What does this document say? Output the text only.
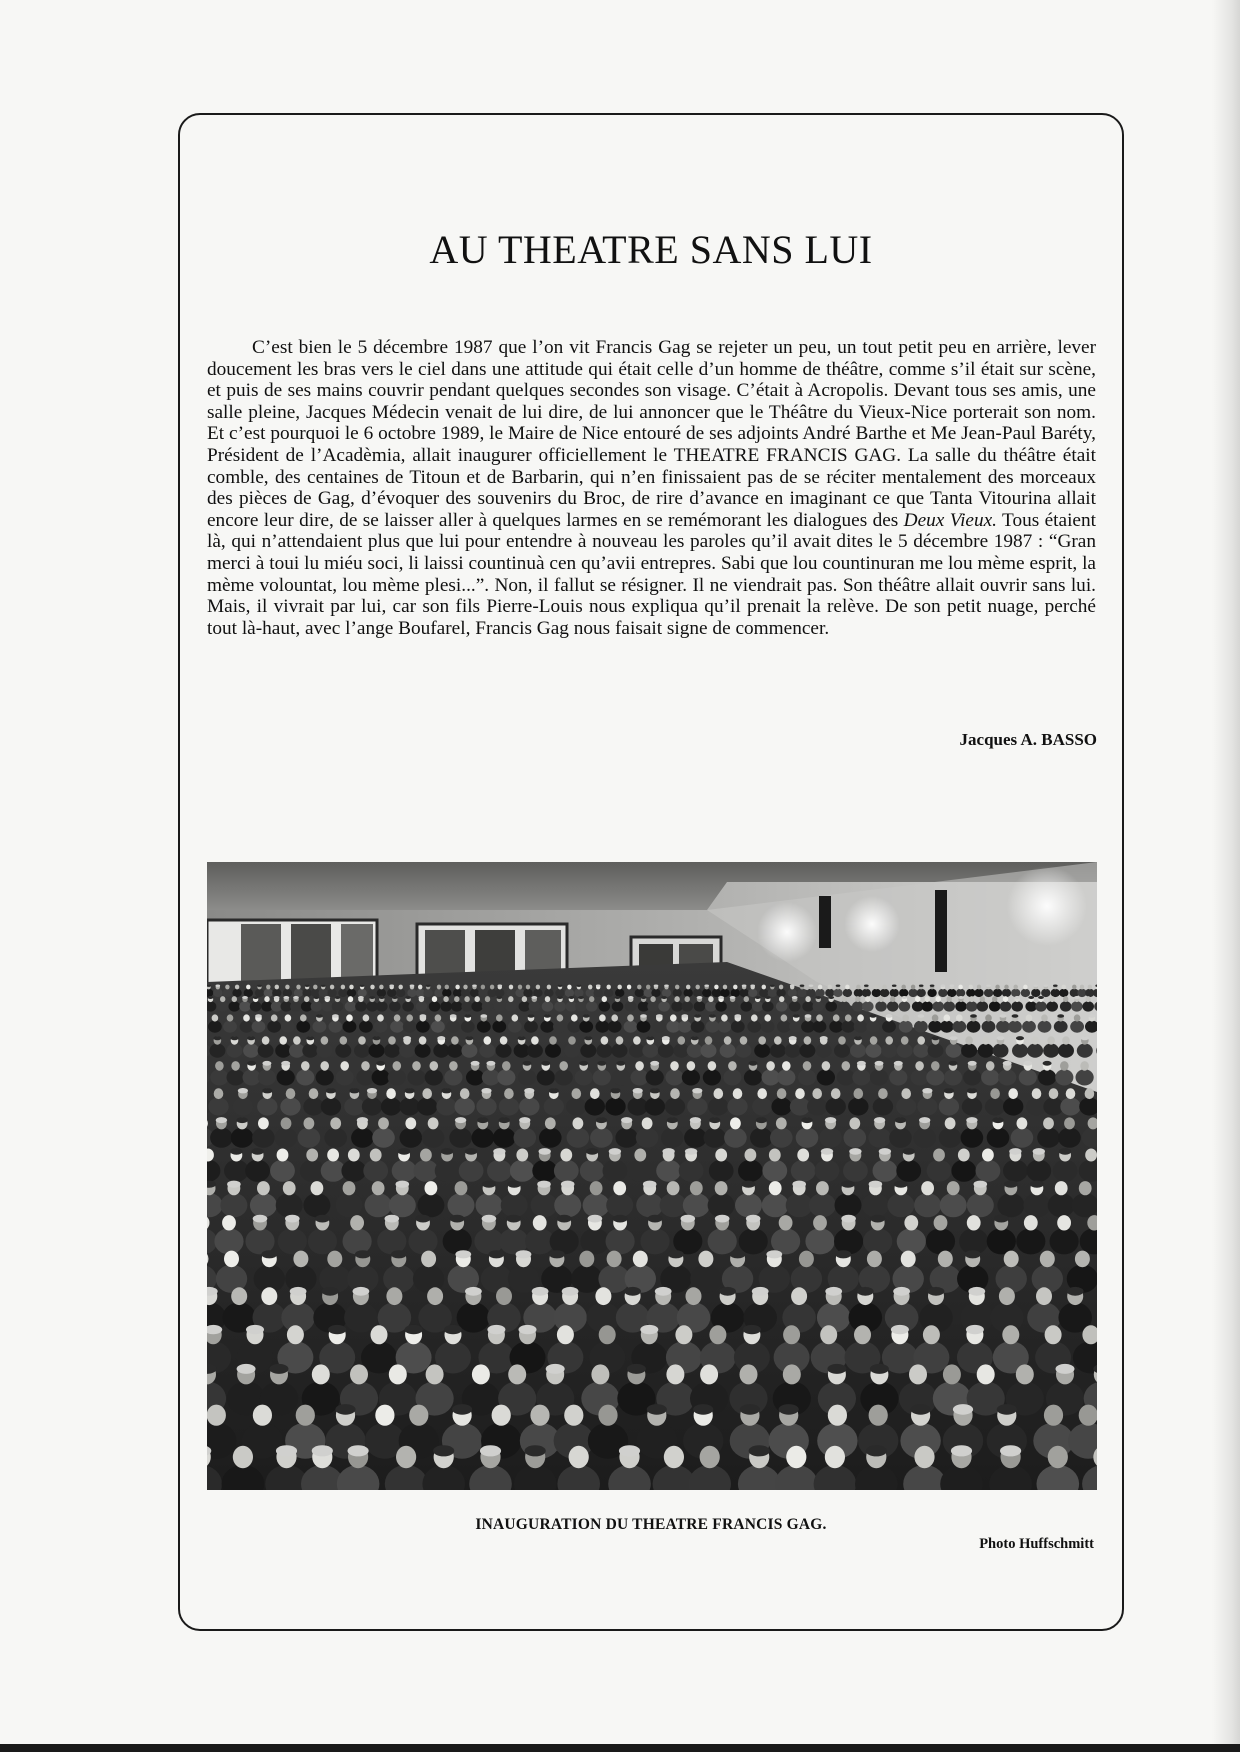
AU THEATRE SANS LUI

C’est bien le 5 décembre 1987 que l’on vit Francis Gag se rejeter un peu, un tout petit peu en arrière, lever doucement les bras vers le ciel dans une attitude qui était celle d’un homme de théâtre, comme s’il était sur scène, et puis de ses mains couvrir pendant quelques secondes son visage. C’était à Acropolis. Devant tous ses amis, une salle pleine, Jacques Médecin venait de lui dire, de lui annoncer que le Théâtre du Vieux-Nice porterait son nom. Et c’est pourquoi le 6 octobre 1989, le Maire de Nice entouré de ses adjoints André Barthe et Me Jean-Paul Baréty, Président de l’Acadèmia, allait inaugurer officiellement le THEATRE FRANCIS GAG. La salle du théâtre était comble, des centaines de Titoun et de Barbarin, qui n’en finissaient pas de se réciter mentalement des morceaux des pièces de Gag, d’évoquer des souvenirs du Broc, de rire d’avance en imaginant ce que Tanta Vitourina allait encore leur dire, de se laisser aller à quelques larmes en se remémorant les dialogues des Deux Vieux. Tous étaient là, qui n’attendaient plus que lui pour entendre à nouveau les paroles qu’il avait dites le 5 décembre 1987 : “Gran merci à toui lu miéu soci, li laissi countinuà cen qu’avii entrepres. Sabi que lou countinuran me lou mème esprit, la mème volountat, lou mème plesi...”. Non, il fallut se résigner. Il ne viendrait pas. Son théâtre allait ouvrir sans lui. Mais, il vivrait par lui, car son fils Pierre-Louis nous expliqua qu’il prenait la relève. De son petit nuage, perché tout là-haut, avec l’ange Boufarel, Francis Gag nous faisait signe de commencer.

Jacques A. BASSO

INAUGURATION DU THEATRE FRANCIS GAG.

Photo Huffschmitt
